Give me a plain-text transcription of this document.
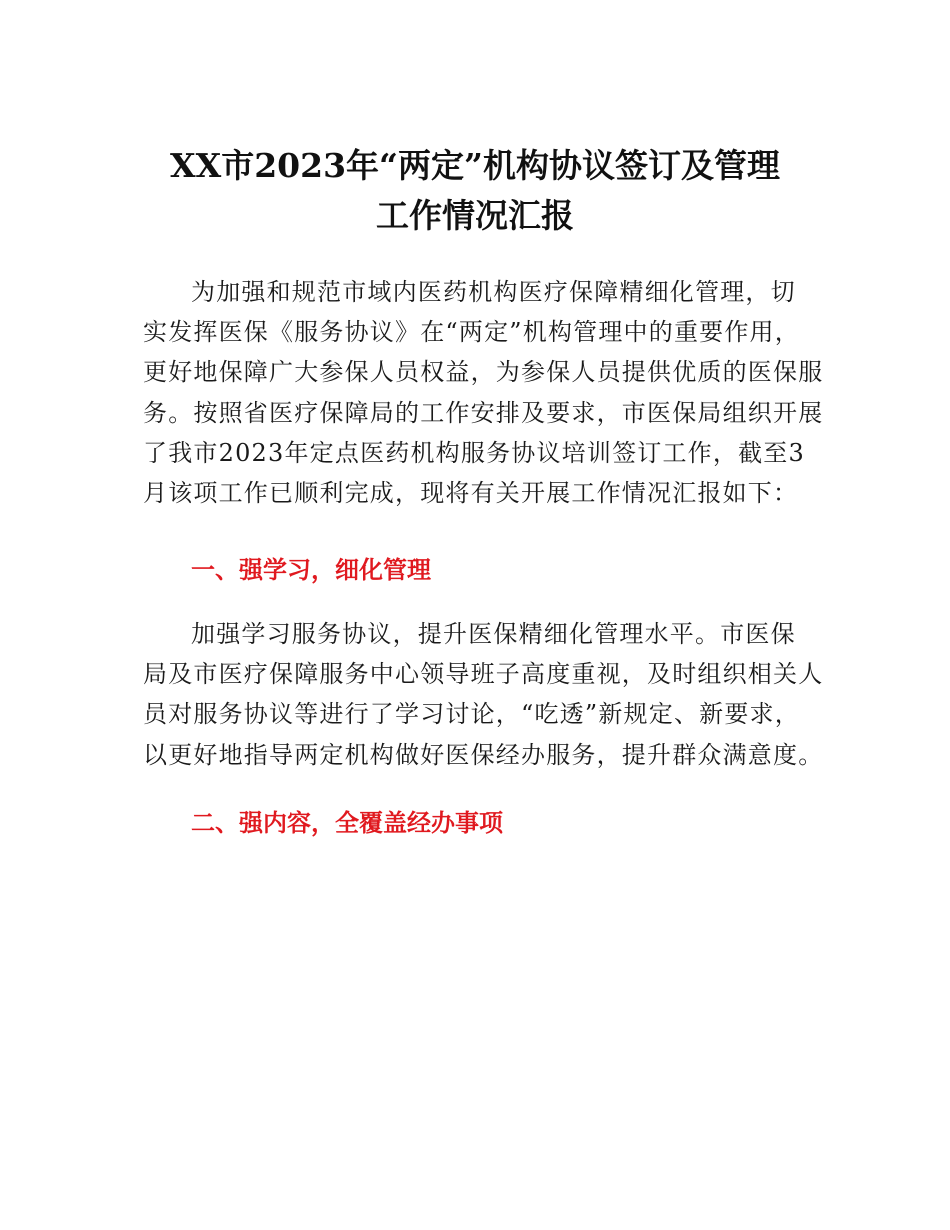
XX市2023年“两定”机构协议签订及管理
工作情况汇报

为加强和规范市域内医药机构医疗保障精细化管理，切
实发挥医保《服务协议》在“两定”机构管理中的重要作用，
更好地保障广大参保人员权益，为参保人员提供优质的医保服
务。按照省医疗保障局的工作安排及要求，市医保局组织开展
了我市2023年定点医药机构服务协议培训签订工作，截至3
月该项工作已顺利完成，现将有关开展工作情况汇报如下：

一、强学习，细化管理

加强学习服务协议，提升医保精细化管理水平。市医保
局及市医疗保障服务中心领导班子高度重视，及时组织相关人
员对服务协议等进行了学习讨论，“吃透”新规定、新要求，
以更好地指导两定机构做好医保经办服务，提升群众满意度。

二、强内容，全覆盖经办事项
